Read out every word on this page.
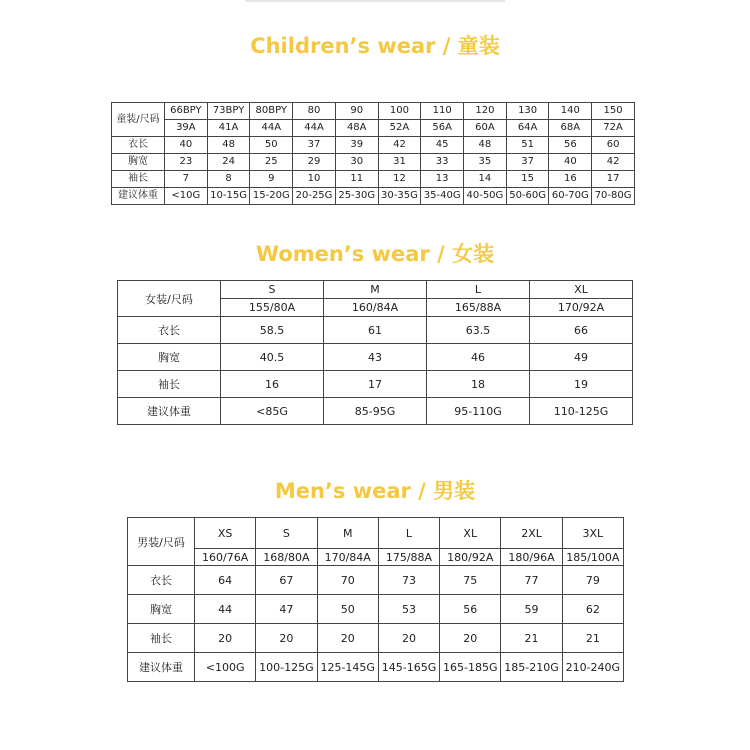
Children’s wear / 童装
童装/尺码	66BPY	73BPY	80BPY	80	90	100	110	120	130	140	150
	39A	41A	44A	44A	48A	52A	56A	60A	64A	68A	72A
衣长	40	48	50	37	39	42	45	48	51	56	60
胸宽	23	24	25	29	30	31	33	35	37	40	42
袖长	7	8	9	10	11	12	13	14	15	16	17
建议体重	<10G	10-15G	15-20G	20-25G	25-30G	30-35G	35-40G	40-50G	50-60G	60-70G	70-80G
Women’s wear / 女装
女装/尺码	S	M	L	XL
	155/80A	160/84A	165/88A	170/92A
衣长	58.5	61	63.5	66
胸宽	40.5	43	46	49
袖长	16	17	18	19
建议体重	<85G	85-95G	95-110G	110-125G
Men’s wear / 男装
男装/尺码	XS	S	M	L	XL	2XL	3XL
	160/76A	168/80A	170/84A	175/88A	180/92A	180/96A	185/100A
衣长	64	67	70	73	75	77	79
胸宽	44	47	50	53	56	59	62
袖长	20	20	20	20	20	21	21
建议体重	<100G	100-125G	125-145G	145-165G	165-185G	185-210G	210-240G
